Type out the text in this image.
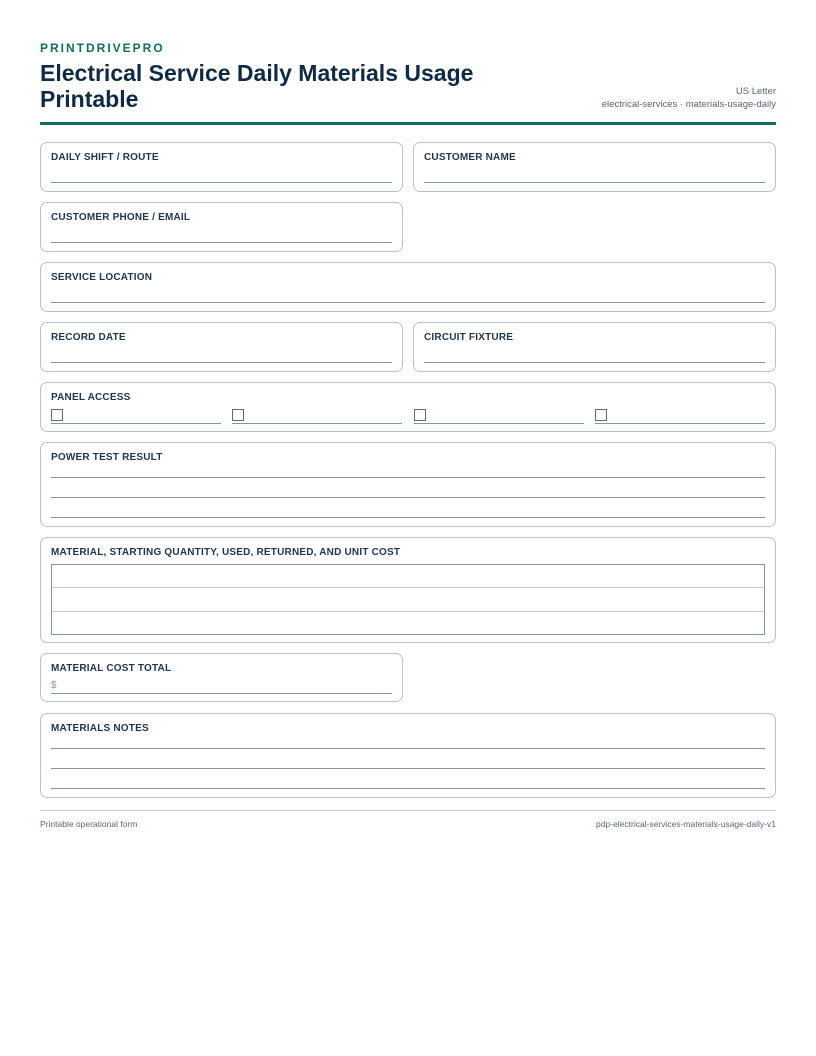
PRINTDRIVEPRO
Electrical Service Daily Materials Usage Printable	US Letter
electrical-services · materials-usage-daily
DAILY SHIFT / ROUTE	CUSTOMER NAME
CUSTOMER PHONE / EMAIL
SERVICE LOCATION
RECORD DATE	CIRCUIT FIXTURE
PANEL ACCESS
POWER TEST RESULT
MATERIAL, STARTING QUANTITY, USED, RETURNED, AND UNIT COST
MATERIAL COST TOTAL
$
MATERIALS NOTES
Printable operational form	pdp-electrical-services-materials-usage-daily-v1
